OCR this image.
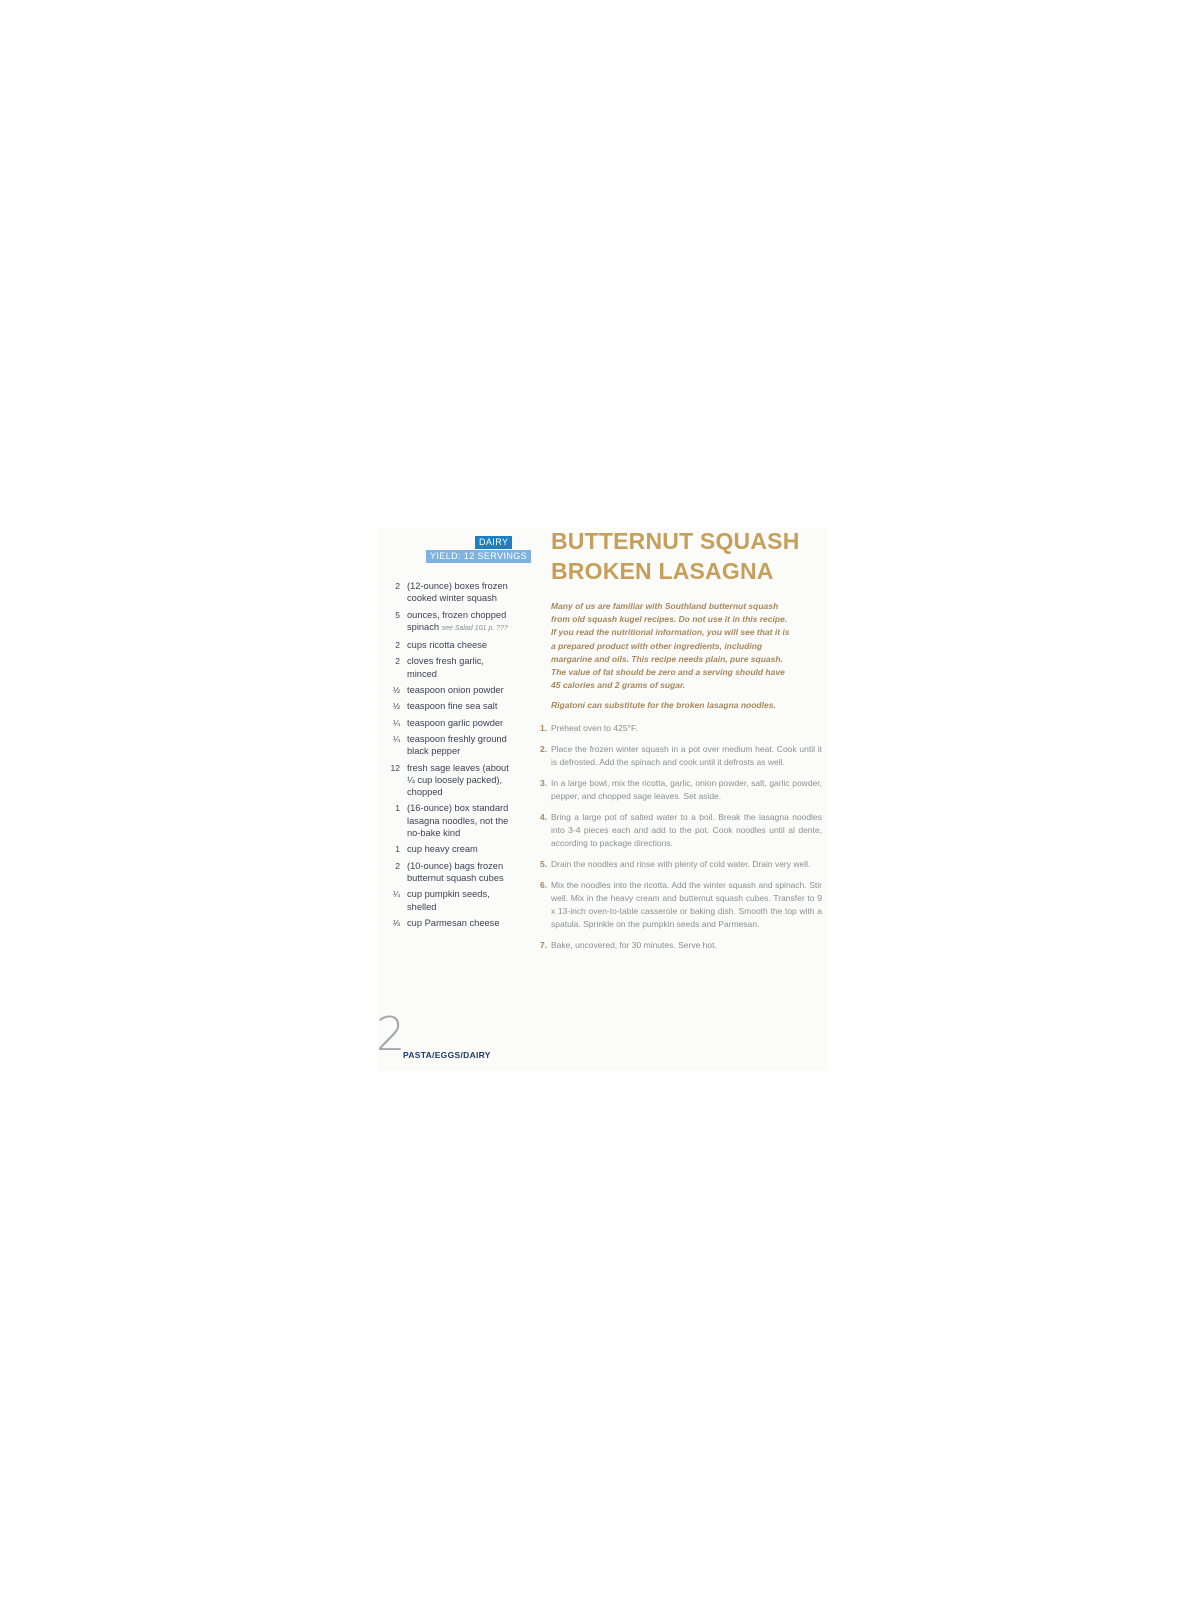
DAIRY
YIELD: 12 SERVINGS
2 (12-ounce) boxes frozen cooked winter squash
5 ounces, frozen chopped spinach see Salad 101 p. ???
2 cups ricotta cheese
2 cloves fresh garlic, minced
½ teaspoon onion powder
½ teaspoon fine sea salt
¼ teaspoon garlic powder
¼ teaspoon freshly ground black pepper
12 fresh sage leaves (about ¼ cup loosely packed), chopped
1 (16-ounce) box standard lasagna noodles, not the no-bake kind
1 cup heavy cream
2 (10-ounce) bags frozen butternut squash cubes
¼ cup pumpkin seeds, shelled
⅓ cup Parmesan cheese
BUTTERNUT SQUASH BROKEN LASAGNA

Many of us are familiar with Southland butternut squash from old squash kugel recipes. Do not use it in this recipe. If you read the nutritional information, you will see that it is a prepared product with other ingredients, including margarine and oils. This recipe needs plain, pure squash. The value of fat should be zero and a serving should have 45 calories and 2 grams of sugar.

Rigatoni can substitute for the broken lasagna noodles.

1. Preheat oven to 425°F.
2. Place the frozen winter squash in a pot over medium heat. Cook until it is defrosted. Add the spinach and cook until it defrosts as well.
3. In a large bowl, mix the ricotta, garlic, onion powder, salt, garlic powder, pepper, and chopped sage leaves. Set aside.
4. Bring a large pot of salted water to a boil. Break the lasagna noodles into 3-4 pieces each and add to the pot. Cook noodles until al dente, according to package directions.
5. Drain the noodles and rinse with plenty of cold water. Drain very well.
6. Mix the noodles into the ricotta. Add the winter squash and spinach. Stir well. Mix in the heavy cream and butternut squash cubes. Transfer to 9 x 13-inch oven-to-table casserole or baking dish. Smooth the top with a spatula. Sprinkle on the pumpkin seeds and Parmesan.
7. Bake, uncovered, for 30 minutes. Serve hot.
2
PASTA/EGGS/DAIRY
